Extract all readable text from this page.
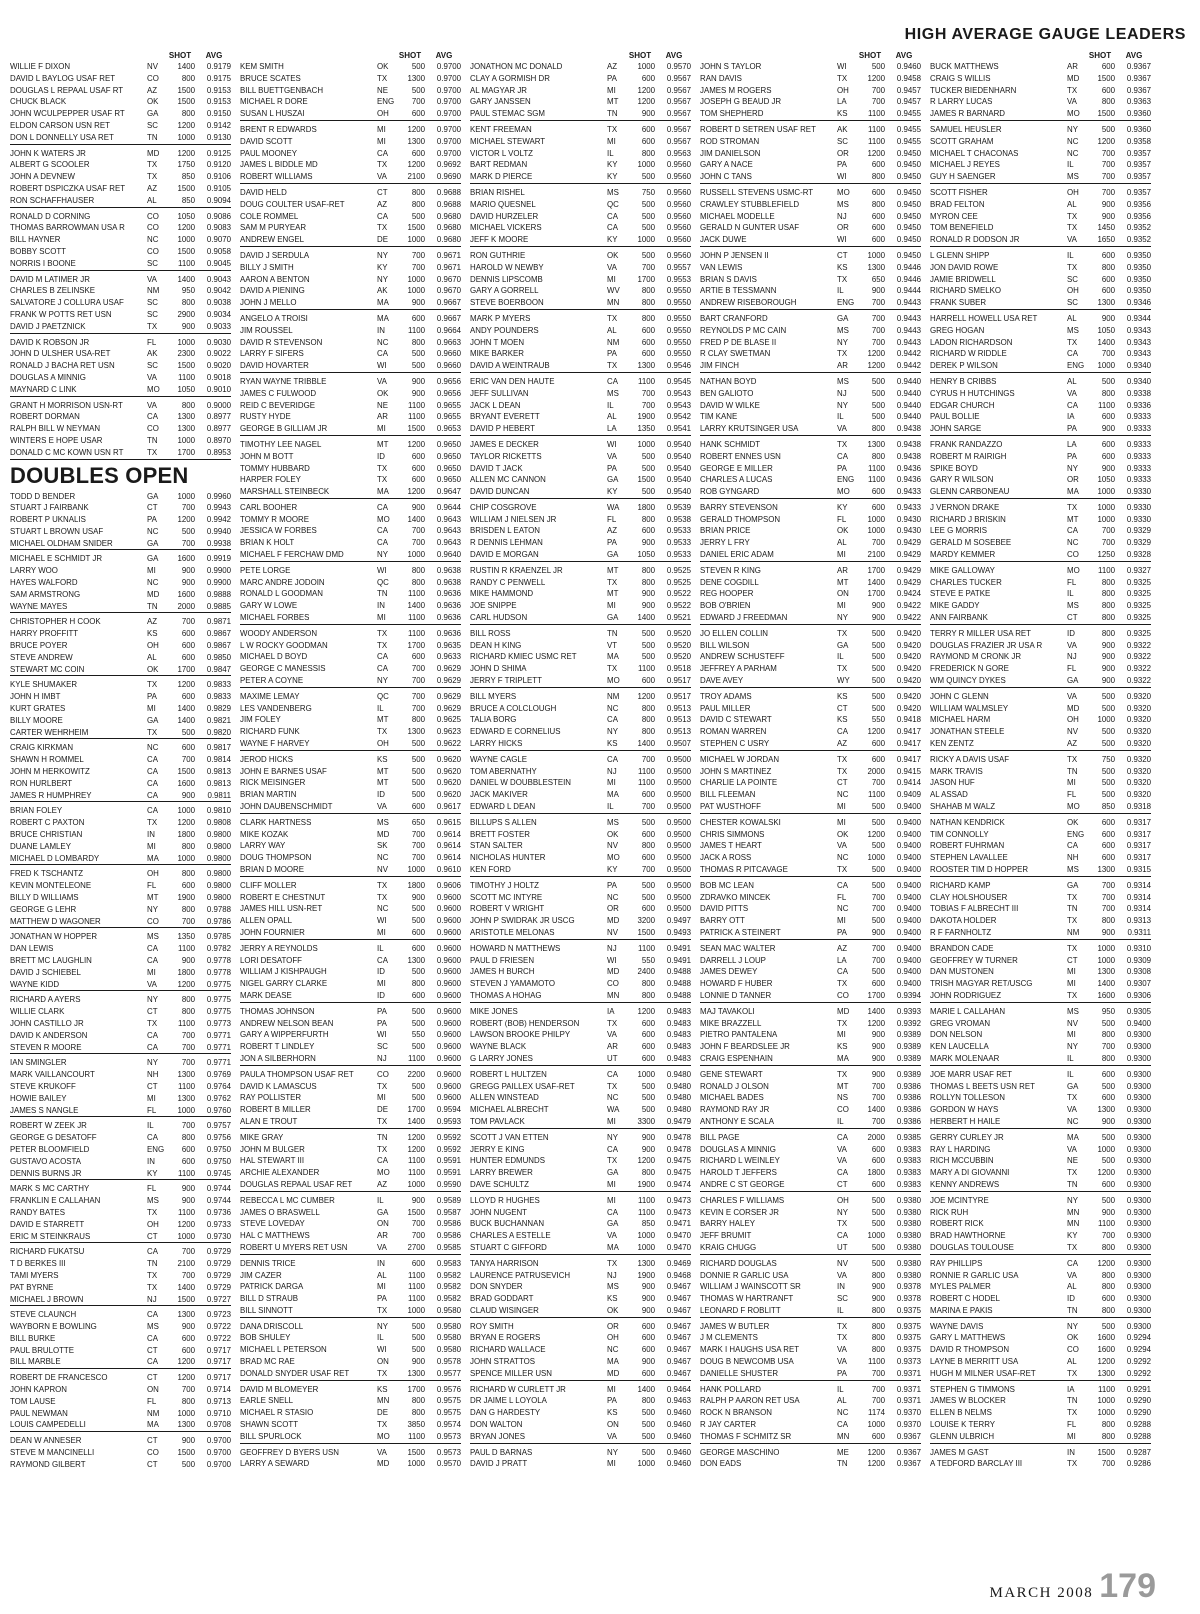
HIGH AVERAGE GAUGE LEADERS
SHOT	AVG
WILLIE F DIXON	NV	1400	0.9179
DAVID L BAYLOG USAF RET	CO	800	0.9175
DOUGLAS L REPAAL USAF RT	AZ	1500	0.9153
CHUCK BLACK	OK	1500	0.9153
JOHN WCULPEPPER USAF RT	GA	800	0.9150
ELDON CARSON USN RET	SC	1200	0.9142
DON L DONNELLY USA RET	TN	1000	0.9130
JOHN K WATERS JR	MD	1200	0.9125
ALBERT G SCOOLER	TX	1750	0.9120
JOHN A DEVNEW	TX	850	0.9106
ROBERT DSPICZKA USAF RET	AZ	1500	0.9105
RON SCHAFFHAUSER	AL	850	0.9094
RONALD D CORNING	CO	1050	0.9086
THOMAS BARROWMAN USA R	CO	1200	0.9083
BILL HAYNER	NC	1000	0.9070
BOBBY SCOTT	CO	1500	0.9058
NORRIS I BOONE	SC	1100	0.9045
DAVID M LATIMER JR	VA	1400	0.9043
CHARLES B ZELINSKE	NM	950	0.9042
SALVATORE J COLLURA USAF	SC	800	0.9038
FRANK W POTTS RET USN	SC	2900	0.9034
DAVID J PAETZNICK	TX	900	0.9033
DAVID K ROBSON JR	FL	1000	0.9030
JOHN D ULSHER USA-RET	AK	2300	0.9022
RONALD J BACHA RET USN	SC	1500	0.9020
DOUGLAS A MINNIG	VA	1100	0.9018
MAYNARD C LINK	MO	1050	0.9010
GRANT H MORRISON USN-RT	VA	800	0.9000
ROBERT DORMAN	CA	1300	0.8977
RALPH BILL W NEYMAN	CO	1300	0.8977
WINTERS E HOPE USAR	TN	1000	0.8970
DONALD C MC KOWN USN RT	TX	1700	0.8953
DOUBLES OPEN
TODD D BENDER	GA	1000	0.9960
STUART J FAIRBANK	CT	700	0.9943
ROBERT P UKNALIS	PA	1200	0.9942
STUART L BROWN USAF	NC	500	0.9940
MICHAEL OLDHAM SNIDER	GA	700	0.9938
MICHAEL E SCHMIDT JR	GA	1600	0.9919
LARRY WOO	MI	900	0.9900
HAYES WALFORD	NC	900	0.9900
SAM ARMSTRONG	MD	1600	0.9888
WAYNE MAYES	TN	2000	0.9885
CHRISTOPHER H COOK	AZ	700	0.9871
HARRY PROFFITT	KS	600	0.9867
BRUCE POYER	OH	600	0.9867
STEVE ANDREW	AL	600	0.9850
STEWART MC COIN	OK	1700	0.9847
KYLE SHUMAKER	TX	1200	0.9833
JOHN H IMBT	PA	600	0.9833
KURT GRATES	MI	1400	0.9829
BILLY MOORE	GA	1400	0.9821
CARTER WEHRHEIM	TX	500	0.9820
CRAIG KIRKMAN	NC	600	0.9817
SHAWN H ROMMEL	CA	700	0.9814
JOHN M HERKOWITZ	CA	1500	0.9813
RON HURLBERT	CA	1600	0.9813
JAMES R HUMPHREY	CA	900	0.9811
BRIAN FOLEY	CA	1000	0.9810
ROBERT C PAXTON	TX	1200	0.9808
BRUCE CHRISTIAN	IN	1800	0.9800
DUANE LAMLEY	MI	800	0.9800
MICHAEL D LOMBARDY	MA	1000	0.9800
FRED K TSCHANTZ	OH	800	0.9800
KEVIN MONTELEONE	FL	600	0.9800
BILLY D WILLIAMS	MT	1900	0.9800
GEORGE G LEHR	NY	800	0.9788
MATTHEW D WAGONER	CO	700	0.9786
JONATHAN W HOPPER	MS	1350	0.9785
DAN LEWIS	CA	1100	0.9782
BRETT MC LAUGHLIN	CA	900	0.9778
DAVID J SCHIEBEL	MI	1800	0.9778
WAYNE KIDD	VA	1200	0.9775
RICHARD A AYERS	NY	800	0.9775
WILLIE CLARK	CT	800	0.9775
JOHN CASTILLO JR	TX	1100	0.9773
DAVID K ANDERSON	CA	700	0.9771
STEVEN R MOORE	CA	700	0.9771
IAN SMINGLER	NY	700	0.9771
MARK VAILLANCOURT	NH	1300	0.9769
STEVE KRUKOFF	CT	1100	0.9764
HOWIE BAILEY	MI	1300	0.9762
JAMES S NANGLE	FL	1000	0.9760
ROBERT W ZEEK JR	IL	700	0.9757
GEORGE G DESATOFF	CA	800	0.9756
PETER BLOOMFIELD	ENG	600	0.9750
GUSTAVO ACOSTA	IN	600	0.9750
DENNIS BURNS JR	KY	1100	0.9745
MARK S MC CARTHY	FL	900	0.9744
FRANKLIN E CALLAHAN	MS	900	0.9744
RANDY BATES	TX	1100	0.9736
DAVID E STARRETT	OH	1200	0.9733
ERIC M STEINKRAUS	CT	1000	0.9730
RICHARD FUKATSU	CA	700	0.9729
T D BERKES III	TN	2100	0.9729
TAMI MYERS	TX	700	0.9729
PAT BYRNE	TX	1400	0.9729
MICHAEL J BROWN	NJ	1500	0.9727
STEVE CLAUNCH	CA	1300	0.9723
WAYBORN E BOWLING	MS	900	0.9722
BILL BURKE	CA	600	0.9722
PAUL BRULOTTE	CT	600	0.9717
BILL MARBLE	CA	1200	0.9717
ROBERT DE FRANCESCO	CT	1200	0.9717
JOHN KAPRON	ON	700	0.9714
TOM LAUSE	FL	800	0.9713
PAUL NEWMAN	NM	1000	0.9710
LOUIS CAMPEDELLI	MA	1300	0.9708
DEAN W ANNESER	CT	900	0.9700
STEVE M MANCINELLI	CO	1500	0.9700
RAYMOND GILBERT	CT	500	0.9700
SHOT	AVG
KEM SMITH	OK	500	0.9700
BRUCE SCATES	TX	1300	0.9700
BILL BUETTGENBACH	NE	500	0.9700
MICHAEL R DORE	ENG	700	0.9700
SUSAN L HUSZAI	OH	600	0.9700
BRENT R EDWARDS	MI	1200	0.9700
DAVID SCOTT	MI	1300	0.9700
PAUL MOONEY	CA	600	0.9700
JAMES L BIDDLE MD	TX	1200	0.9692
ROBERT WILLIAMS	VA	2100	0.9690
DAVID HELD	CT	800	0.9688
DOUG COULTER USAF-RET	AZ	800	0.9688
COLE ROMMEL	CA	500	0.9680
SAM M PURYEAR	TX	1500	0.9680
ANDREW ENGEL	DE	1000	0.9680
DAVID J SERDULA	NY	700	0.9671
BILLY J SMITH	KY	700	0.9671
AARON A BENTON	NY	1000	0.9670
DAVID A PIENING	AK	1000	0.9670
JOHN J MELLO	MA	900	0.9667
ANGELO A TROISI	MA	600	0.9667
JIM ROUSSEL	IN	1100	0.9664
DAVID R STEVENSON	NC	800	0.9663
LARRY F SIFERS	CA	500	0.9660
DAVID HOVARTER	WI	500	0.9660
RYAN WAYNE TRIBBLE	VA	900	0.9656
JAMES C FULWOOD	OK	900	0.9656
REID C BEVERIDGE	NE	1100	0.9655
RUSTY HYDE	AR	1100	0.9655
GEORGE B GILLIAM JR	MI	1500	0.9653
TIMOTHY LEE NAGEL	MT	1200	0.9650
JOHN M BOTT	ID	600	0.9650
TOMMY HUBBARD	TX	600	0.9650
HARPER FOLEY	TX	600	0.9650
MARSHALL STEINBECK	MA	1200	0.9647
CARL BOOHER	CA	900	0.9644
TOMMY R MOORE	MO	1400	0.9643
JESSICA W FORBES	CA	700	0.9643
BRIAN K HOLT	CA	700	0.9643
MICHAEL F FERCHAW DMD	NY	1000	0.9640
PETE LORGE	WI	800	0.9638
MARC ANDRE JODOIN	QC	800	0.9638
RONALD L GOODMAN	TN	1100	0.9636
GARY W LOWE	IN	1400	0.9636
MICHAEL FORBES	MI	1100	0.9636
WOODY ANDERSON	TX	1100	0.9636
L W ROCKY GOODMAN	TX	1700	0.9635
MICHAEL D BOYD	CA	600	0.9633
GEORGE C MANESSIS	CA	700	0.9629
PETER A COYNE	NY	700	0.9629
MAXIME LEMAY	QC	700	0.9629
LES VANDENBERG	IL	700	0.9629
JIM FOLEY	MT	800	0.9625
RICHARD FUNK	TX	1300	0.9623
WAYNE F HARVEY	OH	500	0.9622
JEROD HICKS	KS	500	0.9620
JOHN E BARNES USAF	MT	500	0.9620
RICK MEISINGER	MT	500	0.9620
BRIAN MARTIN	ID	500	0.9620
JOHN DAUBENSCHMIDT	VA	600	0.9617
CLARK HARTNESS	MS	650	0.9615
MIKE KOZAK	MD	700	0.9614
LARRY WAY	SK	700	0.9614
DOUG THOMPSON	NC	700	0.9614
BRIAN D MOORE	NV	1000	0.9610
CLIFF MOLLER	TX	1800	0.9606
ROBERT E CHESTNUT	TX	900	0.9600
JAMES HILL USN-RET	NC	500	0.9600
ALLEN OPALL	WI	500	0.9600
JOHN FOURNIER	MI	600	0.9600
JERRY A REYNOLDS	IL	600	0.9600
LORI DESATOFF	CA	1300	0.9600
WILLIAM J KISHPAUGH	ID	500	0.9600
NIGEL GARRY CLARKE	MI	800	0.9600
MARK DEASE	ID	600	0.9600
THOMAS JOHNSON	PA	500	0.9600
ANDREW NELSON BEAN	PA	500	0.9600
GARY A WIPPERFURTH	WI	550	0.9600
ROBERT T LINDLEY	SC	500	0.9600
JON A SILBERHORN	NJ	1100	0.9600
PAULA THOMPSON USAF RET	CO	2200	0.9600
DAVID K LAMASCUS	TX	500	0.9600
RAY POLLISTER	MI	500	0.9600
ROBERT B MILLER	DE	1700	0.9594
ALAN E TROUT	TX	1400	0.9593
MIKE GRAY	TN	1200	0.9592
JOHN M BULGER	TX	1200	0.9592
HAL STEWART III	CA	1100	0.9591
ARCHIE ALEXANDER	MO	1100	0.9591
DOUGLAS REPAAL USAF RET	AZ	1000	0.9590
REBECCA L MC CUMBER	IL	900	0.9589
JAMES O BRASWELL	GA	1500	0.9587
STEVE LOVEDAY	ON	700	0.9586
HAL C MATTHEWS	AR	700	0.9586
ROBERT U MYERS RET USN	VA	2700	0.9585
DENNIS TRICE	IN	600	0.9583
JIM CAZER	AL	1100	0.9582
PATRICK DARGA	MI	1100	0.9582
BILL D STRAUB	PA	1100	0.9582
BILL SINNOTT	TX	1000	0.9580
DANA DRISCOLL	NY	500	0.9580
BOB SHULEY	IL	500	0.9580
MICHAEL L PETERSON	WI	500	0.9580
BRAD MC RAE	ON	900	0.9578
DONALD SNYDER USAF RET	TX	1300	0.9577
DAVID M BLOMEYER	KS	1700	0.9576
EARLE SNELL	MN	800	0.9575
MICHAEL R STASIO	DE	800	0.9575
SHAWN SCOTT	TX	3850	0.9574
BILL SPURLOCK	MO	1100	0.9573
GEOFFREY D BYERS USN	VA	1500	0.9573
LARRY A SEWARD	MD	1000	0.9570
SHOT	AVG
JONATHON MC DONALD	AZ	1000	0.9570
CLAY A GORMISH DR	PA	600	0.9567
AL MAGYAR JR	MI	1200	0.9567
GARY JANSSEN	MT	1200	0.9567
PAUL STEMAC SGM	TN	900	0.9567
KENT FREEMAN	TX	600	0.9567
MICHAEL STEWART	MI	600	0.9567
VICTOR L VOLTZ	IL	800	0.9563
BART REDMAN	KY	1000	0.9560
MARK D PIERCE	KY	500	0.9560
BRIAN RISHEL	MS	750	0.9560
MARIO QUESNEL	QC	500	0.9560
DAVID HURZELER	CA	500	0.9560
MICHAEL VICKERS	CA	500	0.9560
JEFF K MOORE	KY	1000	0.9560
RON GUTHRIE	OK	500	0.9560
HAROLD W NEWBY	VA	700	0.9557
DENNIS LIPSCOMB	MI	1700	0.9553
GARY A GORRELL	WV	800	0.9550
STEVE BOERBOON	MN	800	0.9550
MARK P MYERS	TX	800	0.9550
ANDY POUNDERS	AL	600	0.9550
JOHN T MOEN	NM	600	0.9550
MIKE BARKER	PA	600	0.9550
DAVID A WEINTRAUB	TX	1300	0.9546
ERIC VAN DEN HAUTE	CA	1100	0.9545
JEFF SULLIVAN	MS	700	0.9543
JACK L DEAN	IL	700	0.9543
BRYANT EVERETT	AL	1900	0.9542
DAVID P HEBERT	LA	1350	0.9541
JAMES E DECKER	WI	1000	0.9540
TAYLOR RICKETTS	VA	500	0.9540
DAVID T JACK	PA	500	0.9540
ALLEN MC CANNON	GA	1500	0.9540
DAVID DUNCAN	KY	500	0.9540
CHIP COSGROVE	WA	1800	0.9539
WILLIAM J NIELSEN JR	FL	800	0.9538
BRISDEN L EATON	AZ	600	0.9533
R DENNIS LEHMAN	PA	900	0.9533
DAVID E MORGAN	GA	1050	0.9533
RUSTIN R KRAENZEL JR	MT	800	0.9525
RANDY C PENWELL	TX	800	0.9525
MIKE HAMMOND	MT	900	0.9522
JOE SNIPPE	MI	900	0.9522
CARL HUDSON	GA	1400	0.9521
BILL ROSS	TN	500	0.9520
DEAN H KING	VT	500	0.9520
RICHARD KMIEC USMC RET	MA	500	0.9520
JOHN D SHIMA	TX	1100	0.9518
JERRY F TRIPLETT	MO	600	0.9517
BILL MYERS	NM	1200	0.9517
BRUCE A COLCLOUGH	NC	800	0.9513
TALIA BORG	CA	800	0.9513
EDWARD E CORNELIUS	NY	800	0.9513
LARRY HICKS	KS	1400	0.9507
WAYNE CAGLE	CA	700	0.9500
TOM ABERNATHY	NJ	1100	0.9500
DANIEL W DOUBBLESTEIN	MI	1100	0.9500
JACK MAKIVER	MA	600	0.9500
EDWARD L DEAN	IL	700	0.9500
BILLUPS S ALLEN	MS	500	0.9500
BRETT FOSTER	OK	600	0.9500
STAN SALTER	NV	800	0.9500
NICHOLAS HUNTER	MO	600	0.9500
KEN FORD	KY	700	0.9500
TIMOTHY J HOLTZ	PA	500	0.9500
SCOTT MC INTYRE	NC	500	0.9500
ROBERT V WRIGHT	OR	600	0.9500
JOHN P SWIDRAK JR USCG	MD	3200	0.9497
ARISTOTLE MELONAS	NV	1500	0.9493
HOWARD N MATTHEWS	NJ	1100	0.9491
PAUL D FRIESEN	WI	550	0.9491
JAMES H BURCH	MD	2400	0.9488
STEVEN J YAMAMOTO	CO	800	0.9488
THOMAS A HOHAG	MN	800	0.9488
MIKE JONES	IA	1200	0.9483
ROBERT (BOB) HENDERSON	TX	600	0.9483
LAWSON BROOKE PHILPY	VA	600	0.9483
WAYNE BLACK	AR	600	0.9483
G LARRY JONES	UT	600	0.9483
ROBERT L HULTZEN	CA	1000	0.9480
GREGG PAILLEX USAF-RET	TX	500	0.9480
ALLEN WINSTEAD	NC	500	0.9480
MICHAEL ALBRECHT	WA	500	0.9480
TOM PAVLACK	MI	3300	0.9479
SCOTT J VAN ETTEN	NY	900	0.9478
JERRY E KING	CA	900	0.9478
HUNTER EDMUNDS	TX	1200	0.9475
LARRY BREWER	GA	800	0.9475
DAVE SCHULTZ	MI	1900	0.9474
LLOYD R HUGHES	MI	1100	0.9473
JOHN NUGENT	CA	1100	0.9473
BUCK BUCHANNAN	GA	850	0.9471
CHARLES A ESTELLE	VA	1000	0.9470
STUART C GIFFORD	MA	1000	0.9470
TANYA HARRISON	TX	1300	0.9469
LAURENCE PATRUSEVICH	NJ	1900	0.9468
DON SNYDER	MS	900	0.9467
BRAD GODDART	KS	900	0.9467
CLAUD WISINGER	OK	900	0.9467
ROY SMITH	OR	600	0.9467
BRYAN E ROGERS	OH	600	0.9467
RICHARD WALLACE	NC	600	0.9467
JOHN STRATTOS	MA	900	0.9467
SPENCE MILLER USN	MD	600	0.9467
RICHARD W CURLETT JR	MI	1400	0.9464
DR JAIME L LOYOLA	PA	800	0.9463
DAN G HARDESTY	KS	500	0.9460
DON WALTON	ON	500	0.9460
BRYAN JONES	VA	500	0.9460
PAUL D BARNAS	NY	500	0.9460
DAVID J PRATT	MI	1000	0.9460
SHOT	AVG
JOHN S TAYLOR	WI	500	0.9460
RAN DAVIS	TX	1200	0.9458
JAMES M ROGERS	OH	700	0.9457
JOSEPH G BEAUD JR	LA	700	0.9457
TOM SHEPHERD	KS	1100	0.9455
ROBERT D SETREN USAF RET	AK	1100	0.9455
ROD STROMAN	SC	1100	0.9455
JIM DANIELSON	OR	1200	0.9450
GARY A NACE	PA	600	0.9450
JOHN C TANS	WI	800	0.9450
RUSSELL STEVENS USMC-RT	MO	600	0.9450
CRAWLEY STUBBLEFIELD	MS	800	0.9450
MICHAEL MODELLE	NJ	600	0.9450
GERALD N GUNTER USAF	OR	600	0.9450
JACK DUWE	WI	600	0.9450
JOHN P JENSEN II	CT	1000	0.9450
VAN LEWIS	KS	1300	0.9446
BRIAN S DAVIS	TX	650	0.9446
ARTIE B TESSMANN	IL	900	0.9444
ANDREW RISEBOROUGH	ENG	700	0.9443
BART CRANFORD	GA	700	0.9443
REYNOLDS P MC CAIN	MS	700	0.9443
FRED P DE BLASE II	NY	700	0.9443
R CLAY SWETMAN	TX	1200	0.9442
JIM FINCH	AR	1200	0.9442
NATHAN BOYD	MS	500	0.9440
BEN GALIOTO	NJ	500	0.9440
DAVID W WILKE	NY	500	0.9440
TIM KANE	IL	500	0.9440
LARRY KRUTSINGER USA	VA	800	0.9438
HANK SCHMIDT	TX	1300	0.9438
ROBERT ENNES USN	CA	800	0.9438
GEORGE E MILLER	PA	1100	0.9436
CHARLES A LUCAS	ENG	1100	0.9436
ROB GYNGARD	MO	600	0.9433
BARRY STEVENSON	KY	600	0.9433
GERALD THOMPSON	FL	1000	0.9430
BRIAN PRICE	OK	1000	0.9430
JERRY L FRY	AL	700	0.9429
DANIEL ERIC ADAM	MI	2100	0.9429
STEVEN R KING	AR	1700	0.9429
DENE COGDILL	MT	1400	0.9429
REG HOOPER	ON	1700	0.9424
BOB O'BRIEN	MI	900	0.9422
EDWARD J FREEDMAN	NY	900	0.9422
JO ELLEN COLLIN	TX	500	0.9420
BILL WILSON	GA	500	0.9420
ANDREW SCHUSTEFF	IL	500	0.9420
JEFFREY A PARHAM	TX	500	0.9420
DAVE AVEY	WY	500	0.9420
TROY ADAMS	KS	500	0.9420
PAUL MILLER	CT	500	0.9420
DAVID C STEWART	KS	550	0.9418
ROMAN WARREN	CA	1200	0.9417
STEPHEN C USRY	AZ	600	0.9417
MICHAEL W JORDAN	TX	600	0.9417
JOHN S MARTINEZ	TX	2000	0.9415
CHARLIE LA POINTE	CT	700	0.9414
BILL FLEEMAN	NC	1100	0.9409
PAT WUSTHOFF	MI	500	0.9400
CHESTER KOWALSKI	MI	500	0.9400
CHRIS SIMMONS	OK	1200	0.9400
JAMES T HEART	VA	500	0.9400
JACK A ROSS	NC	1000	0.9400
THOMAS R PITCAVAGE	TX	500	0.9400
BOB MC LEAN	CA	500	0.9400
ZDRAVKO MINCEK	FL	700	0.9400
DAVID PITTS	NC	700	0.9400
BARRY OTT	MI	500	0.9400
PATRICK A STEINERT	PA	900	0.9400
SEAN MAC WALTER	AZ	700	0.9400
DARRELL J LOUP	LA	700	0.9400
JAMES DEWEY	CA	500	0.9400
HOWARD F HUBER	TX	600	0.9400
LONNIE D TANNER	CO	1700	0.9394
MAJ TAVAKOLI	MD	1400	0.9393
MIKE BRAZZELL	TX	1200	0.9392
PIETRO PANTALENA	MI	900	0.9389
JOHN F BEARDSLEE JR	KS	900	0.9389
CRAIG ESPENHAIN	MA	900	0.9389
GENE STEWART	TX	900	0.9389
RONALD J OLSON	MT	700	0.9386
MICHAEL BADES	NS	700	0.9386
RAYMOND RAY JR	CO	1400	0.9386
ANTHONY E SCALA	IL	700	0.9386
BILL PAGE	CA	2000	0.9385
DOUGLAS A MINNIG	VA	600	0.9383
RICHARD L WEINLEY	VA	600	0.9383
HAROLD T JEFFERS	CA	1800	0.9383
ANDRE C ST GEORGE	CT	600	0.9383
CHARLES F WILLIAMS	OH	500	0.9380
KEVIN E CORSER JR	NY	500	0.9380
BARRY HALEY	TX	500	0.9380
JEFF BRUMIT	CA	1000	0.9380
KRAIG CHUGG	UT	500	0.9380
RICHARD DOUGLAS	NV	500	0.9380
DONNIE R GARLIC USA	VA	800	0.9380
WILLIAM J WAINSCOTT SR	IN	900	0.9378
THOMAS W HARTRANFT	SC	900	0.9378
LEONARD F ROBLITT	IL	800	0.9375
JAMES W BUTLER	TX	800	0.9375
J M CLEMENTS	TX	800	0.9375
MARK I HAUGHS USA RET	VA	800	0.9375
DOUG B NEWCOMB USA	VA	1100	0.9373
DANIELLE SHUSTER	PA	700	0.9371
HANK POLLARD	IL	700	0.9371
RALPH P AARON RET USA	AL	700	0.9371
ROCK N BRANSON	NC	1174	0.9370
R JAY CARTER	CA	1000	0.9370
THOMAS F SCHMITZ SR	MN	600	0.9367
GEORGE MASCHINO	ME	1200	0.9367
DON EADS	TN	1200	0.9367
SHOT	AVG
BUCK MATTHEWS	AR	600	0.9367
CRAIG S WILLIS	MD	1500	0.9367
TUCKER BIEDENHARN	TX	600	0.9367
R LARRY LUCAS	VA	800	0.9363
JAMES R BARNARD	MO	1500	0.9360
SAMUEL HEUSLER	NY	500	0.9360
SCOTT GRAHAM	NC	1200	0.9358
MICHAEL T CHACONAS	NC	700	0.9357
MICHAEL J REYES	IL	700	0.9357
GUY H SAENGER	MS	700	0.9357
SCOTT FISHER	OH	700	0.9357
BRAD FELTON	AL	900	0.9356
MYRON CEE	TX	900	0.9356
TOM BENEFIELD	TX	1450	0.9352
RONALD R DODSON JR	VA	1650	0.9352
L GLENN SHIPP	IL	600	0.9350
JON DAVID ROWE	TX	800	0.9350
JAMIE BRIDWELL	SC	600	0.9350
RICHARD SMELKO	OH	600	0.9350
FRANK SUBER	SC	1300	0.9346
HARRELL HOWELL USA RET	AL	900	0.9344
GREG HOGAN	MS	1050	0.9343
LADON RICHARDSON	TX	1400	0.9343
RICHARD W RIDDLE	CA	700	0.9343
DEREK P WILSON	ENG	1000	0.9340
HENRY B CRIBBS	AL	500	0.9340
CYRUS H HUTCHINGS	VA	800	0.9338
EDGAR CHURCH	CA	1100	0.9336
PAUL BOLLIE	IA	600	0.9333
JOHN SARGE	PA	900	0.9333
FRANK RANDAZZO	LA	600	0.9333
ROBERT M RAIRIGH	PA	600	0.9333
SPIKE BOYD	NY	900	0.9333
GARY R WILSON	OR	1050	0.9333
GLENN CARBONEAU	MA	1000	0.9330
J VERNON DRAKE	TX	1000	0.9330
RICHARD J BRISKIN	MT	1000	0.9330
LEE G MORRIS	CA	700	0.9329
GERALD M SOSEBEE	NC	700	0.9329
MARDY KEMMER	CO	1250	0.9328
MIKE GALLOWAY	MO	1100	0.9327
CHARLES TUCKER	FL	800	0.9325
STEVE E PATKE	IL	800	0.9325
MIKE GADDY	MS	800	0.9325
ANN FAIRBANK	CT	800	0.9325
TERRY R MILLER USA RET	ID	800	0.9325
DOUGLAS FRAZIER JR USA R	VA	900	0.9322
RAYMOND M CRONK JR	NJ	900	0.9322
FREDERICK N GORE	FL	900	0.9322
WM QUINCY DYKES	GA	900	0.9322
JOHN C GLENN	VA	500	0.9320
WILLIAM WALMSLEY	MD	500	0.9320
MICHAEL HARM	OH	1000	0.9320
JONATHAN STEELE	NV	500	0.9320
KEN ZENTZ	AZ	500	0.9320
RICKY A DAVIS USAF	TX	750	0.9320
MARK TRAVIS	TN	500	0.9320
JASON HUF	MI	500	0.9320
AL ASSAD	FL	500	0.9320
SHAHAB M WALZ	MO	850	0.9318
NATHAN KENDRICK	OK	600	0.9317
TIM CONNOLLY	ENG	600	0.9317
ROBERT FUHRMAN	CA	600	0.9317
STEPHEN LAVALLEE	NH	600	0.9317
ROOSTER TIM D HOPPER	MS	1300	0.9315
RICHARD KAMP	GA	700	0.9314
CLAY HOLSHOUSER	TX	700	0.9314
TOBIAS F ALBRECHT III	TN	700	0.9314
DAKOTA HOLDER	TX	800	0.9313
R F FARNHOLTZ	NM	900	0.9311
BRANDON CADE	TX	1000	0.9310
GEOFFREY W TURNER	CT	1000	0.9309
DAN MUSTONEN	MI	1300	0.9308
TRISH MAGYAR RET/USCG	MI	1400	0.9307
JOHN RODRIGUEZ	TX	1600	0.9306
MARIE L CALLAHAN	MS	950	0.9305
GREG VROMAN	NV	500	0.9400
DON NELSON	MI	800	0.9300
KEN LAUCELLA	NY	700	0.9300
MARK MOLENAAR	IL	800	0.9300
JOE MARR USAF RET	IL	600	0.9300
THOMAS L BEETS USN RET	GA	500	0.9300
ROLLYN TOLLESON	TX	600	0.9300
GORDON W HAYS	VA	1300	0.9300
HERBERT H HAILE	NC	900	0.9300
GERRY CURLEY JR	MA	500	0.9300
RAY L HARDING	VA	1000	0.9300
RICH MCCUBBIN	NE	500	0.9300
MARY A DI GIOVANNI	TX	1200	0.9300
KENNY ANDREWS	TN	600	0.9300
JOE MCINTYRE	NY	500	0.9300
RICK RUH	MN	900	0.9300
ROBERT RICK	MN	1100	0.9300
BRAD HAWTHORNE	KY	700	0.9300
DOUGLAS TOULOUSE	TX	800	0.9300
RAY PHILLIPS	CA	1200	0.9300
RONNIE R GARLIC USA	VA	800	0.9300
MYLES PALMER	AL	800	0.9300
ROBERT C HODEL	ID	600	0.9300
MARINA E PAKIS	TN	800	0.9300
WAYNE DAVIS	NY	500	0.9300
GARY L MATTHEWS	OK	1600	0.9294
DAVID R THOMPSON	CO	1600	0.9294
LAYNE B MERRITT USA	AL	1200	0.9292
HUGH M MILNER USAF-RET	TX	1300	0.9292
STEPHEN G TIMMONS	IA	1100	0.9291
JAMES W BLOCKER	TN	1000	0.9290
ELLEN B NELMS	TX	1000	0.9290
LOUISE K TERRY	FL	800	0.9288
GLENN ULBRICH	MI	800	0.9288
JAMES M GAST	IN	1500	0.9287
A TEDFORD BARCLAY III	TX	700	0.9286
MARCH 2008 179
